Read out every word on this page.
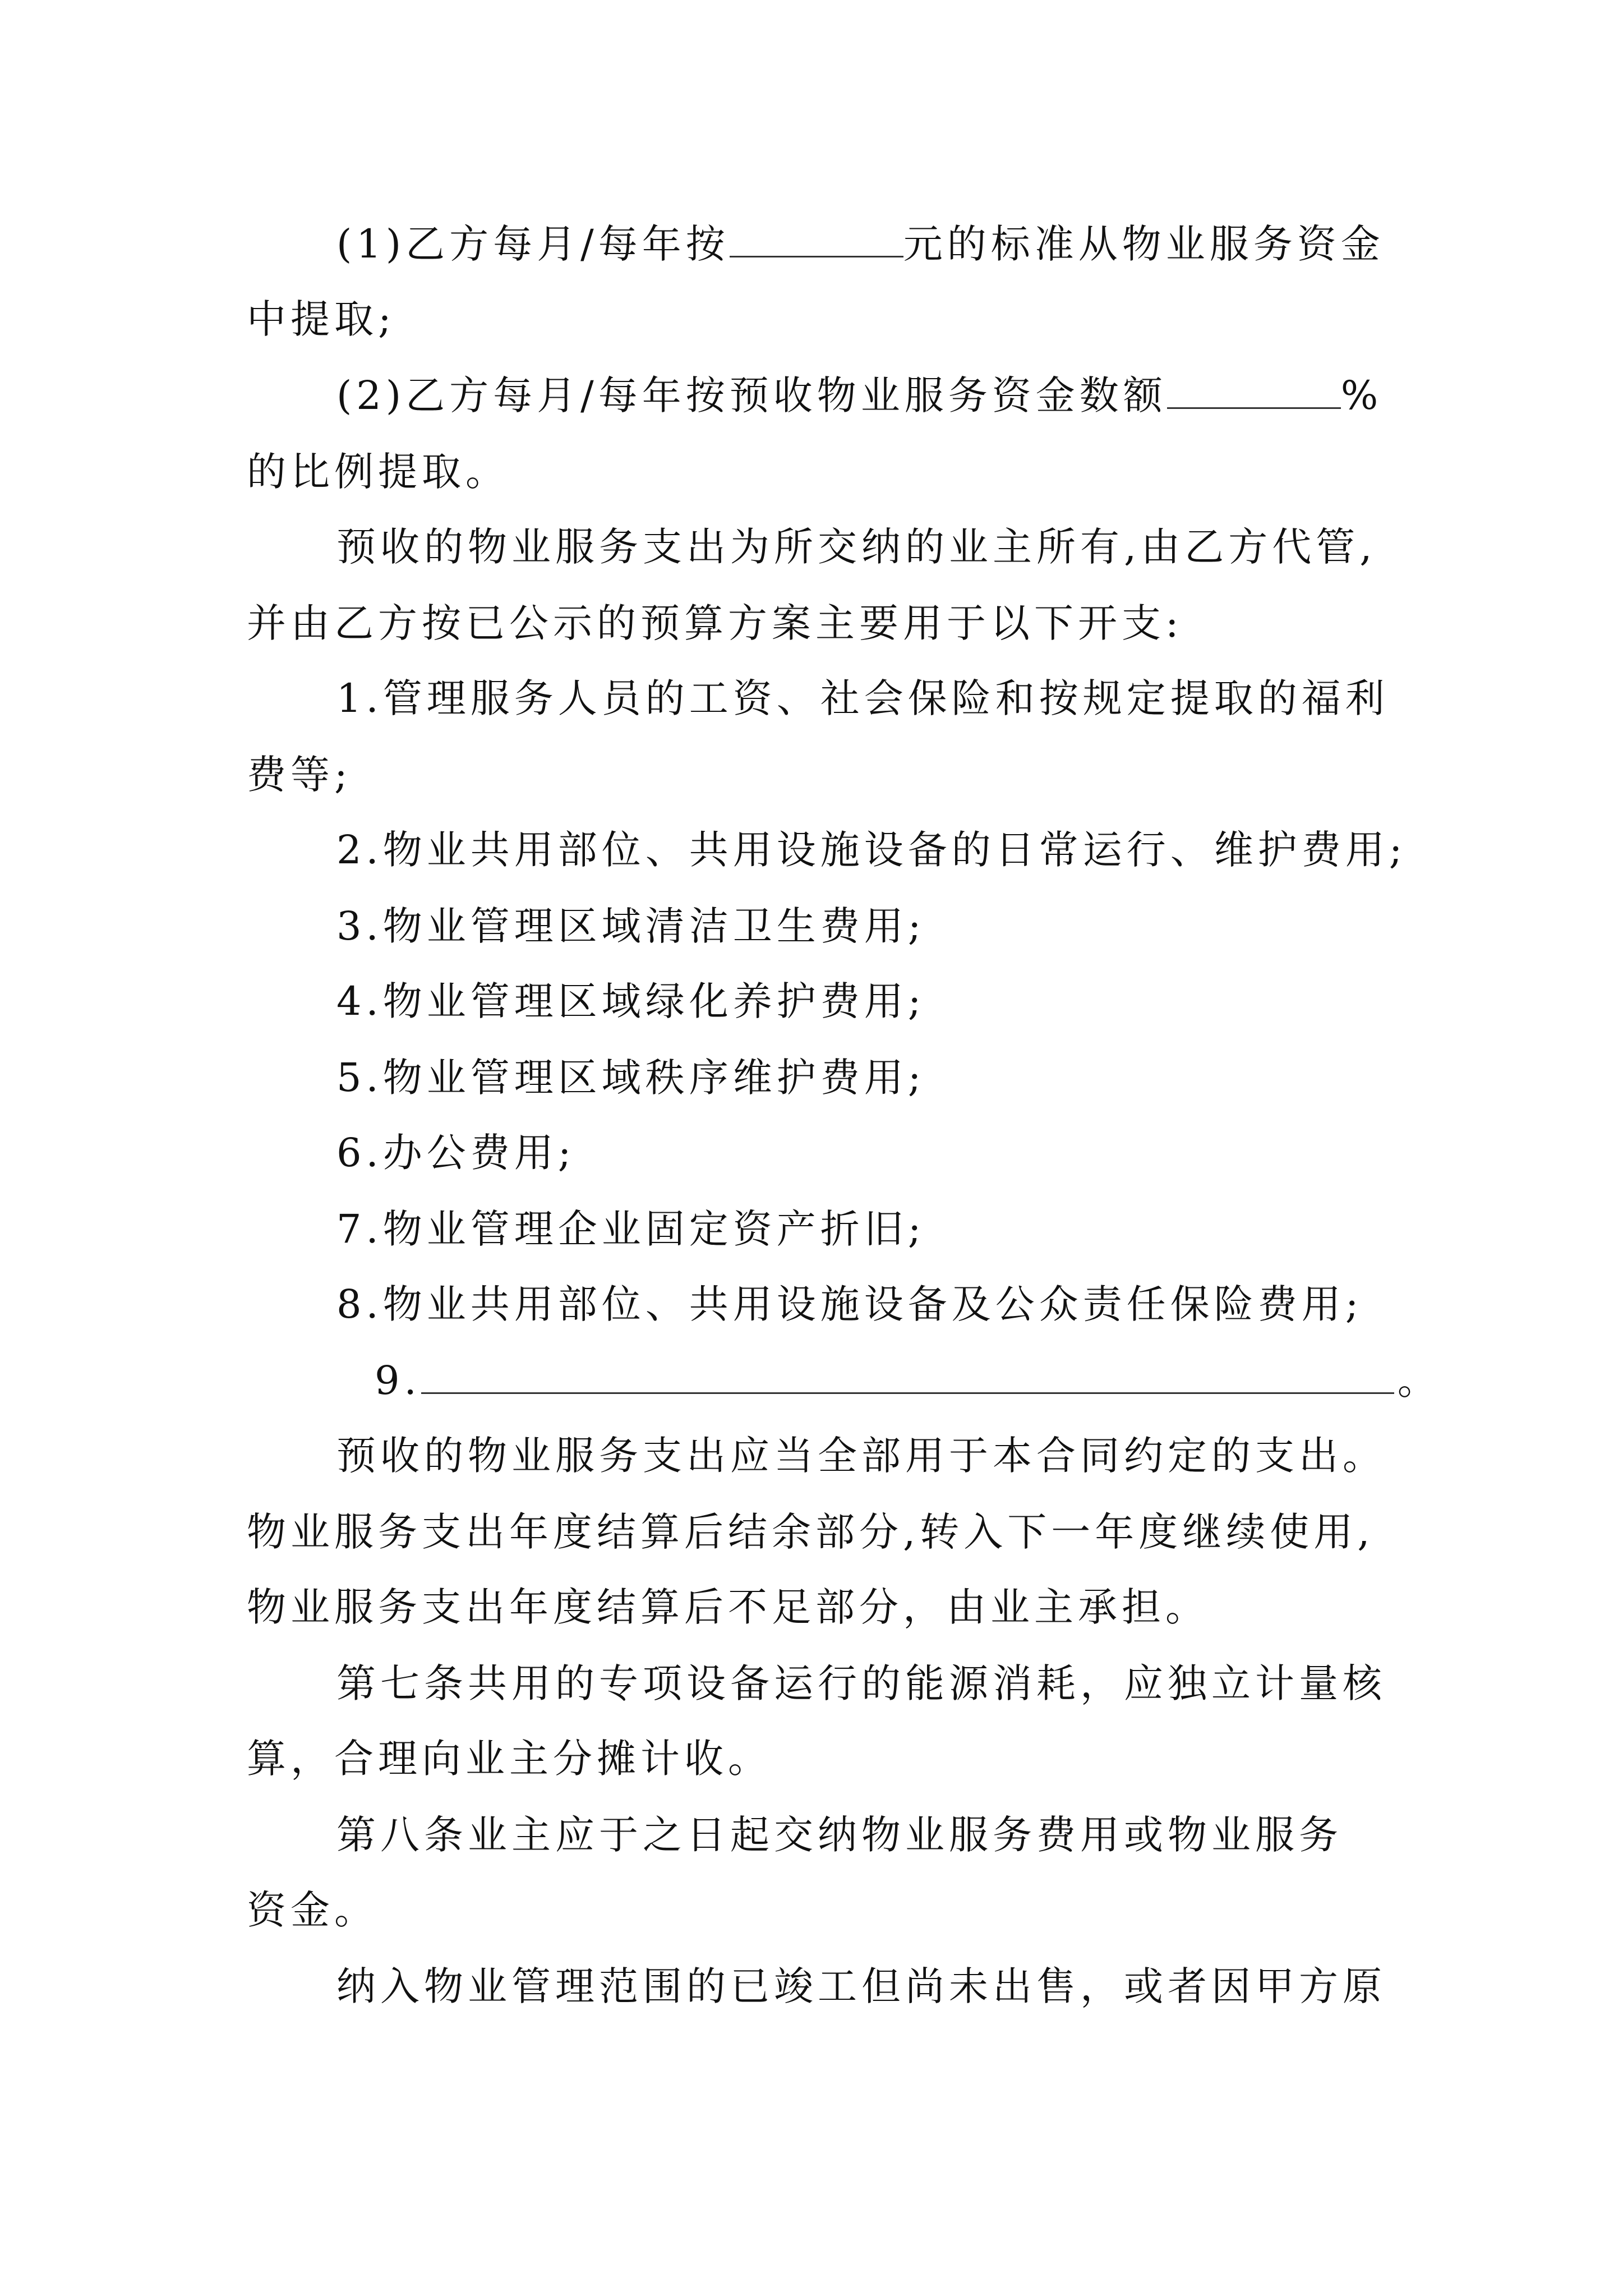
(1)乙方每月/每年按	元的标准从物业服务资金
中提取;
(2)乙方每月/每年按预收物业服务资金数额	%
的比例提取。
预收的物业服务支出为所交纳的业主所有,由乙方代管,
并由乙方按已公示的预算方案主要用于以下开支:
1.管理服务人员的工资、社会保险和按规定提取的福利
费等;
2.物业共用部位、共用设施设备的日常运行、维护费用;
3.物业管理区域清洁卫生费用;
4.物业管理区域绿化养护费用;
5.物业管理区域秩序维护费用;
6.办公费用;
7.物业管理企业固定资产折旧;
8.物业共用部位、共用设施设备及公众责任保险费用;
9.	。
预收的物业服务支出应当全部用于本合同约定的支出。
物业服务支出年度结算后结余部分,转入下一年度继续使用,
物业服务支出年度结算后不足部分，由业主承担。
第七条共用的专项设备运行的能源消耗，应独立计量核
算，合理向业主分摊计收。
第八条业主应于之日起交纳物业服务费用或物业服务
资金。
纳入物业管理范围的已竣工但尚未出售，或者因甲方原
